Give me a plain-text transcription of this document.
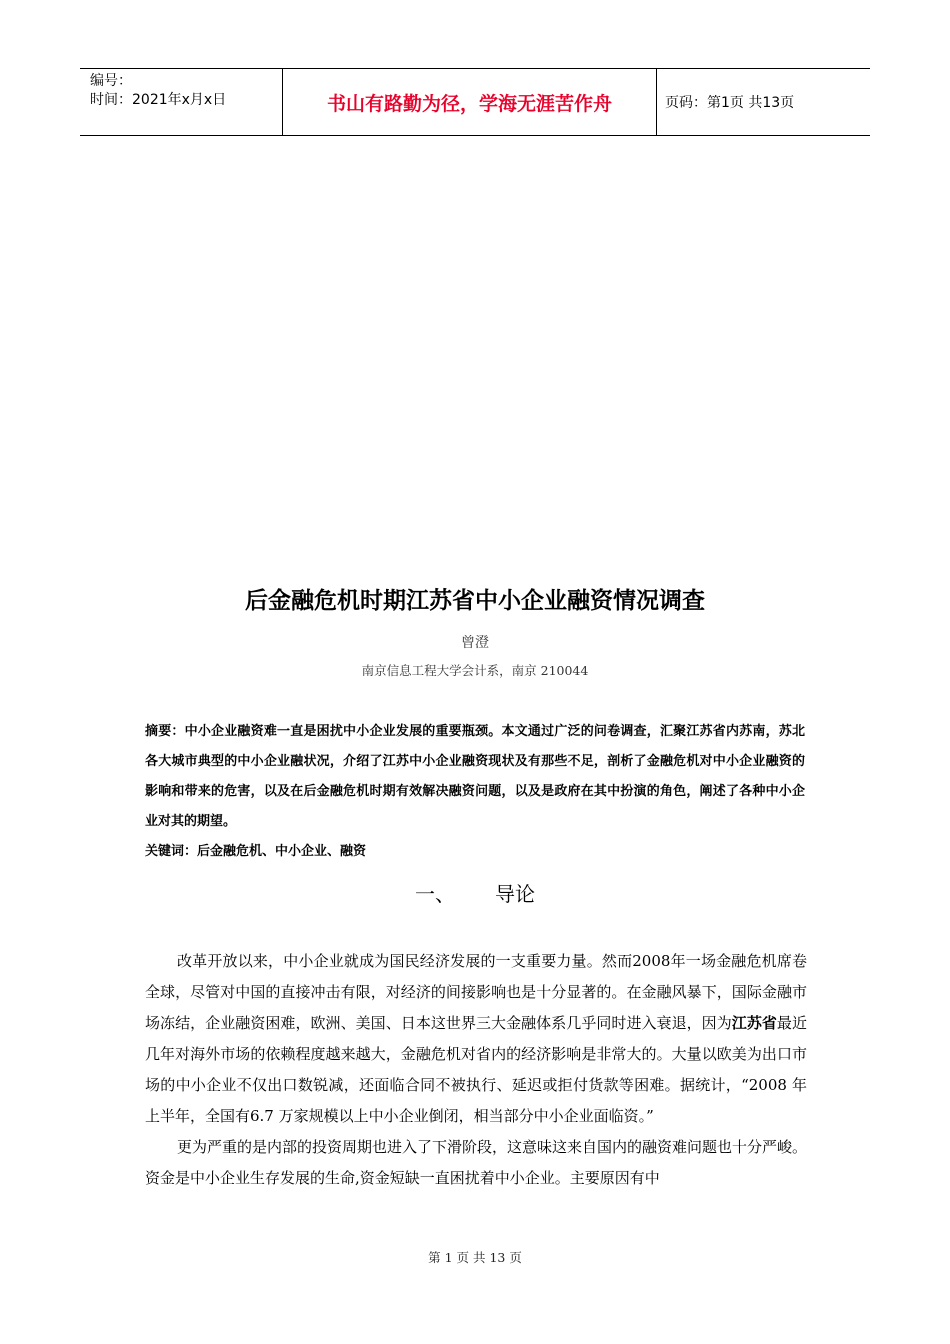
编号：
时间：2021年x月x日	书山有路勤为径，学海无涯苦作舟	页码：第1页 共13页
后金融危机时期江苏省中小企业融资情况调查
曾澄
南京信息工程大学会计系，南京 210044
摘要：中小企业融资难一直是困扰中小企业发展的重要瓶颈。本文通过广泛的问卷调查，汇聚江苏省内苏南，苏北各大城市典型的中小企业融状况，介绍了江苏中小企业融资现状及有那些不足，剖析了金融危机对中小企业融资的影响和带来的危害，以及在后金融危机时期有效解决融资问题，以及是政府在其中扮演的角色，阐述了各种中小企业对其的期望。
关键词：后金融危机、中小企业、融资
一、 导论

改革开放以来，中小企业就成为国民经济发展的一支重要力量。然而2008年一场金融危机席卷全球，尽管对中国的直接冲击有限，对经济的间接影响也是十分显著的。在金融风暴下，国际金融市场冻结，企业融资困难，欧洲、美国、日本这世界三大金融体系几乎同时进入衰退，因为江苏省最近几年对海外市场的依赖程度越来越大，金融危机对省内的经济影响是非常大的。大量以欧美为出口市场的中小企业不仅出口数锐减，还面临合同不被执行、延迟或拒付货款等困难。据统计，“2008 年上半年，全国有6.7 万家规模以上中小企业倒闭，相当部分中小企业面临资。”

更为严重的是内部的投资周期也进入了下滑阶段，这意味这来自国内的融资难问题也十分严峻。资金是中小企业生存发展的生命,资金短缺一直困扰着中小企业。主要原因有中

第 1 页 共 13 页
